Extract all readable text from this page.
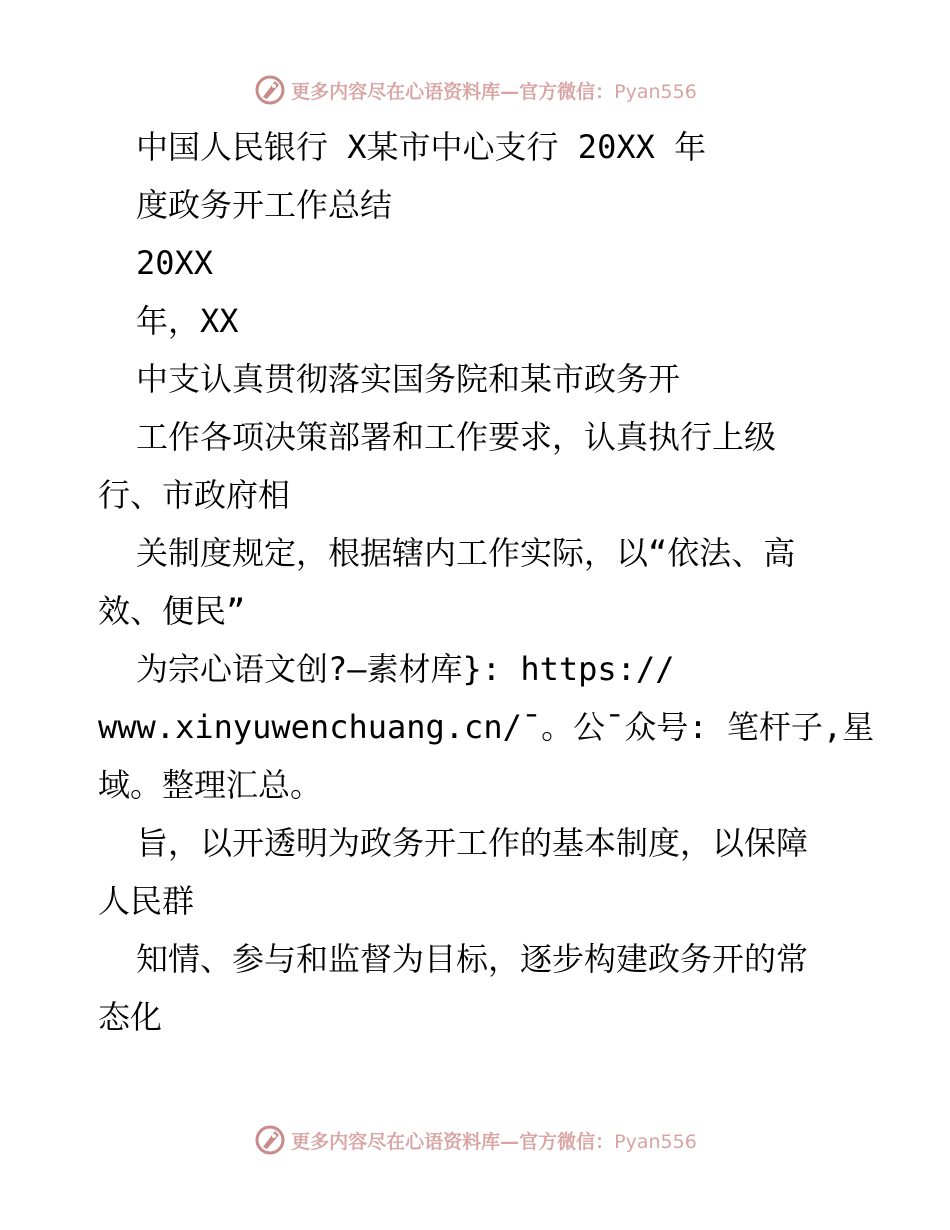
更多内容尽在心语资料库—官方微信：Pyan556
中国人民银行 X某市中心支行 20XX 年
度政务开工作总结
20XX
年，XX
中支认真贯彻落实国务院和某市政务开
工作各项决策部署和工作要求，认真执行上级
行、市政府相
关制度规定，根据辖内工作实际，以“依法、高
效、便民”
为宗心语文创?—素材库}: https://
www.xinyuwenchuang.cn/¯。公¯众号: 笔杆子,星
域。整理汇总。
旨，以开透明为政务开工作的基本制度，以保障
人民群
知情、参与和监督为目标，逐步构建政务开的常
态化
更多内容尽在心语资料库—官方微信：Pyan556
